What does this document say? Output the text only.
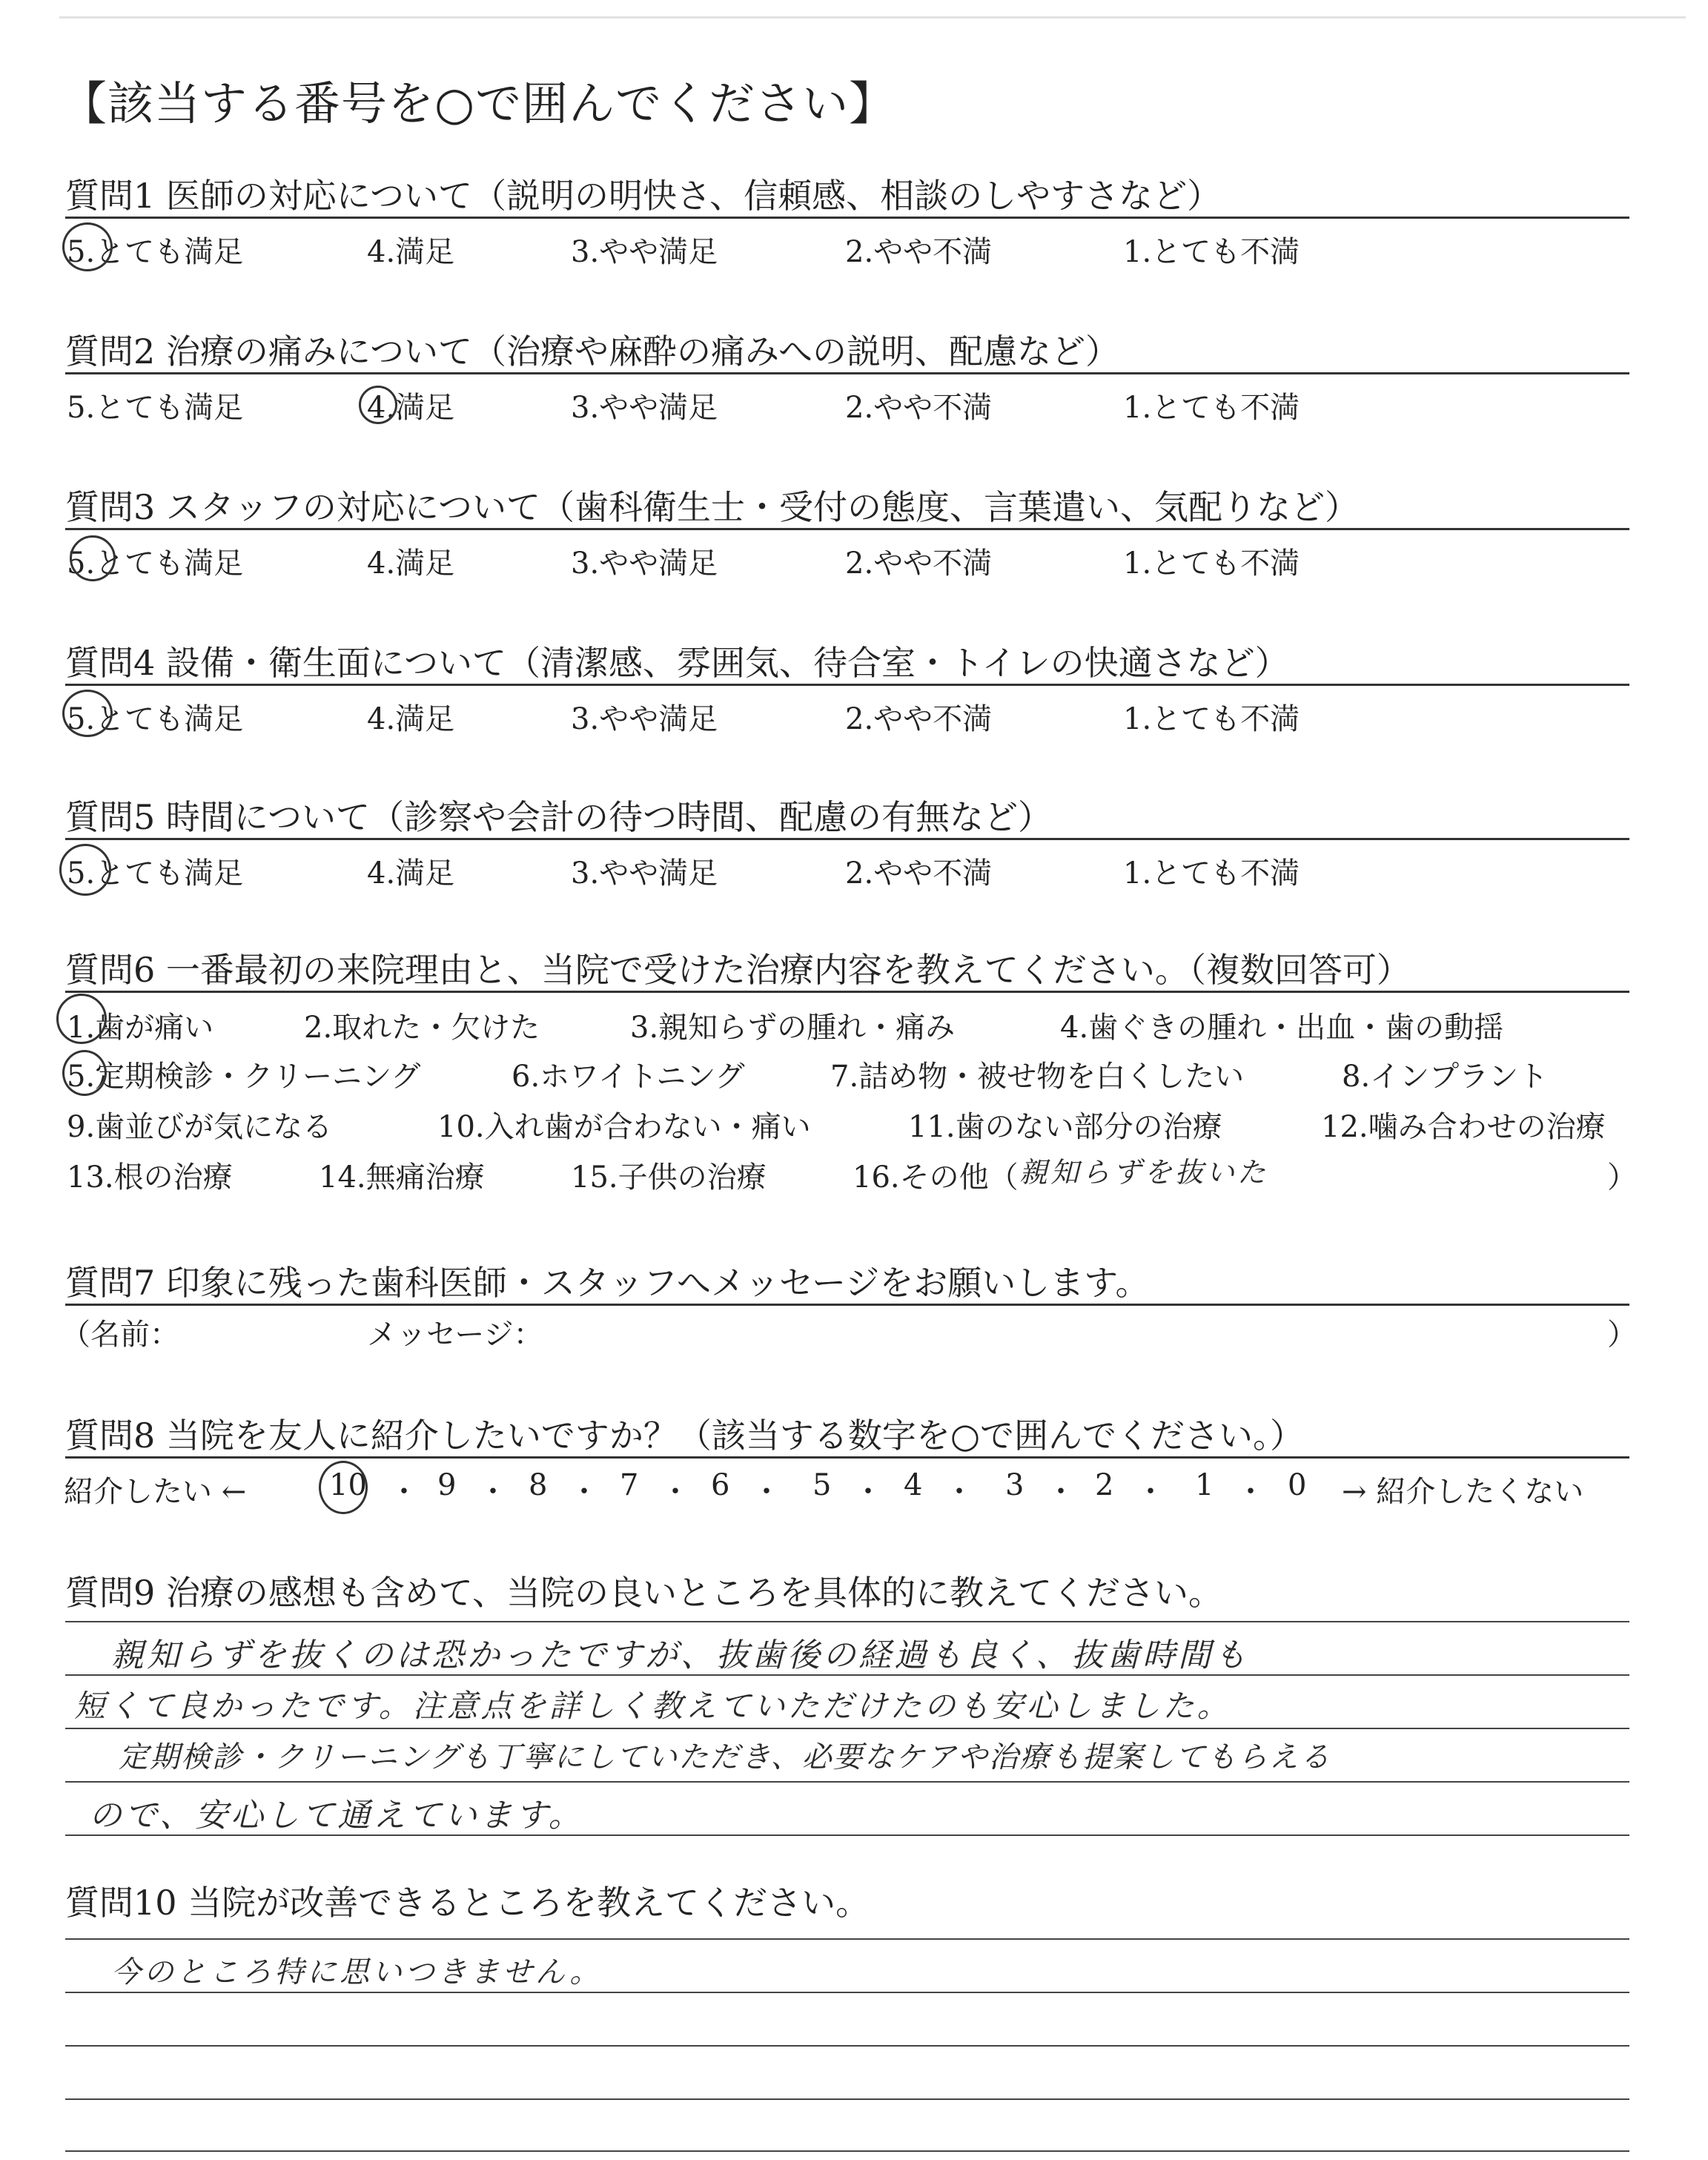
【該当する番号を○で囲んでください】
質問1 医師の対応について（説明の明快さ、信頼感、相談のしやすさなど）
5.とても満足	4.満足	3.やや満足	2.やや不満	1.とても不満
質問2 治療の痛みについて（治療や麻酔の痛みへの説明、配慮など）
5.とても満足	4.満足	3.やや満足	2.やや不満	1.とても不満
質問3 スタッフの対応について（歯科衛生士・受付の態度、言葉遣い、気配りなど）
5.とても満足	4.満足	3.やや満足	2.やや不満	1.とても不満
質問4 設備・衛生面について（清潔感、雰囲気、待合室・トイレの快適さなど）
5.とても満足	4.満足	3.やや満足	2.やや不満	1.とても不満
質問5 時間について（診察や会計の待つ時間、配慮の有無など）
5.とても満足	4.満足	3.やや満足	2.やや不満	1.とても不満
質問6 一番最初の来院理由と、当院で受けた治療内容を教えてください。（複数回答可）
1.歯が痛い	2.取れた・欠けた	3.親知らずの腫れ・痛み	4.歯ぐきの腫れ・出血・歯の動揺
5.定期検診・クリーニング	6.ホワイトニング	7.詰め物・被せ物を白くしたい	8.インプラント
9.歯並びが気になる	10.入れ歯が合わない・痛い	11.歯のない部分の治療	12.噛み合わせの治療
13.根の治療	14.無痛治療	15.子供の治療	16.その他（ 親知らずを抜いた	）
質問7 印象に残った歯科医師・スタッフへメッセージをお願いします。
（名前：	メッセージ：	）
質問8 当院を友人に紹介したいですか？（該当する数字を○で囲んでください。）
紹介したい ←	10 ・ 9 ・ 8 ・ 7 ・ 6 ・ 5 ・ 4 ・ 3 ・ 2 ・ 1 ・ 0 → 紹介したくない
質問9 治療の感想も含めて、当院の良いところを具体的に教えてください。
親知らずを抜くのは恐かったですが、抜歯後の経過も良く、抜歯時間も
短くて良かったです。注意点を詳しく教えていただけたのも安心しました。
定期検診・クリーニングも丁寧にしていただき、必要なケアや治療も提案してもらえる
ので、安心して通えています。
質問10 当院が改善できるところを教えてください。
今のところ特に思いつきません。
